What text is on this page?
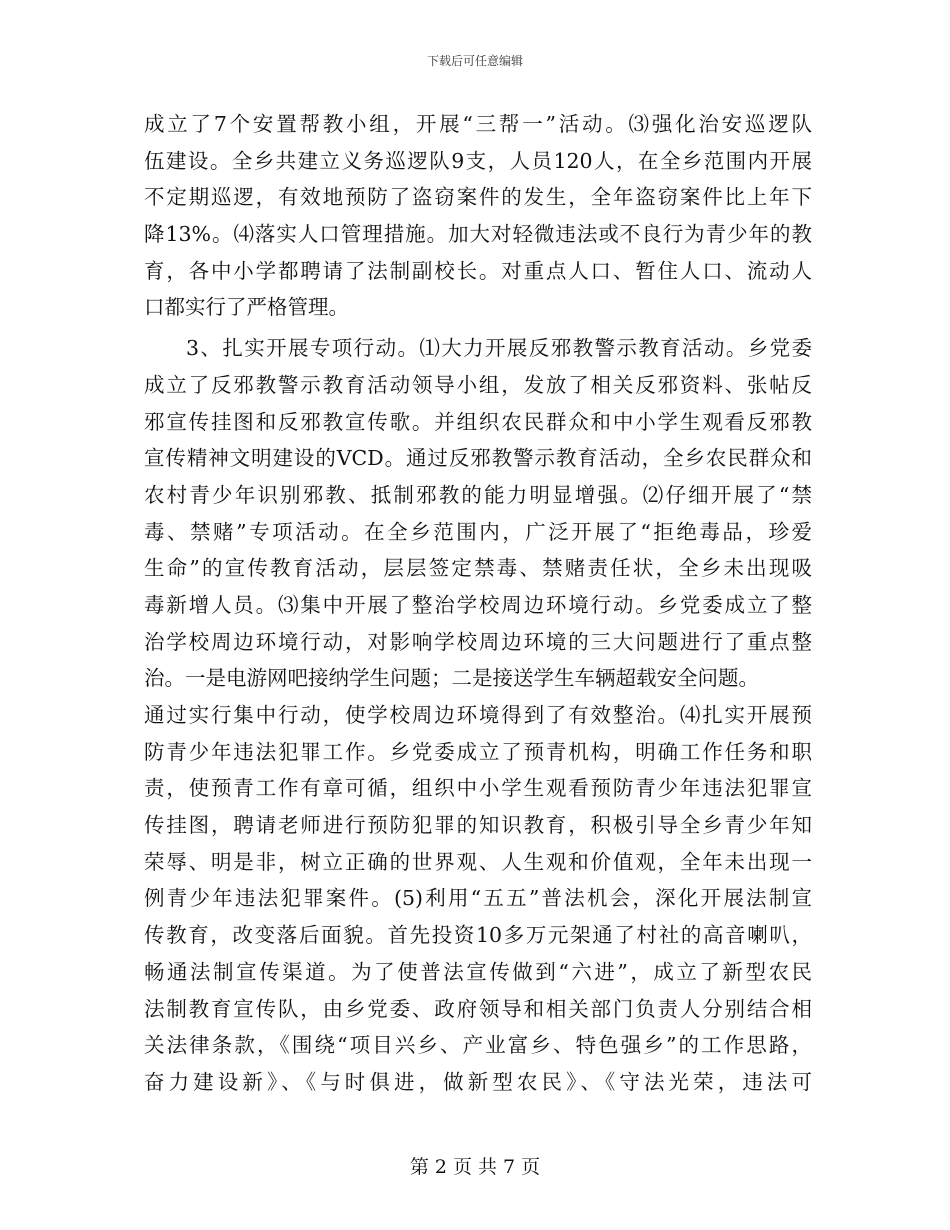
下载后可任意编辑
成立了7个安置帮教小组，开展“三帮一”活动。⑶强化治安巡逻队
伍建设。全乡共建立义务巡逻队9支，人员120人，在全乡范围内开展
不定期巡逻，有效地预防了盗窃案件的发生，全年盗窃案件比上年下
降13%。⑷落实人口管理措施。加大对轻微违法或不良行为青少年的教
育，各中小学都聘请了法制副校长。对重点人口、暂住人口、流动人
口都实行了严格管理。
3、扎实开展专项行动。⑴大力开展反邪教警示教育活动。乡党委
成立了反邪教警示教育活动领导小组，发放了相关反邪资料、张帖反
邪宣传挂图和反邪教宣传歌。并组织农民群众和中小学生观看反邪教
宣传精神文明建设的VCD。通过反邪教警示教育活动，全乡农民群众和
农村青少年识别邪教、抵制邪教的能力明显增强。⑵仔细开展了“禁
毒、禁赌”专项活动。在全乡范围内，广泛开展了“拒绝毒品，珍爱
生命”的宣传教育活动，层层签定禁毒、禁赌责任状，全乡未出现吸
毒新增人员。⑶集中开展了整治学校周边环境行动。乡党委成立了整
治学校周边环境行动，对影响学校周边环境的三大问题进行了重点整
治。一是电游网吧接纳学生问题；二是接送学生车辆超载安全问题。
通过实行集中行动，使学校周边环境得到了有效整治。⑷扎实开展预
防青少年违法犯罪工作。乡党委成立了预青机构，明确工作任务和职
责，使预青工作有章可循，组织中小学生观看预防青少年违法犯罪宣
传挂图，聘请老师进行预防犯罪的知识教育，积极引导全乡青少年知
荣辱、明是非，树立正确的世界观、人生观和价值观，全年未出现一
例青少年违法犯罪案件。(5)利用“五五”普法机会，深化开展法制宣
传教育，改变落后面貌。首先投资10多万元架通了村社的高音喇叭，
畅通法制宣传渠道。为了使普法宣传做到“六进”，成立了新型农民
法制教育宣传队，由乡党委、政府领导和相关部门负责人分别结合相
关法律条款，《围绕“项目兴乡、产业富乡、特色强乡”的工作思路，
奋力建设新》、《与时俱进，做新型农民》、《守法光荣，违法可
第 2 页 共 7 页
